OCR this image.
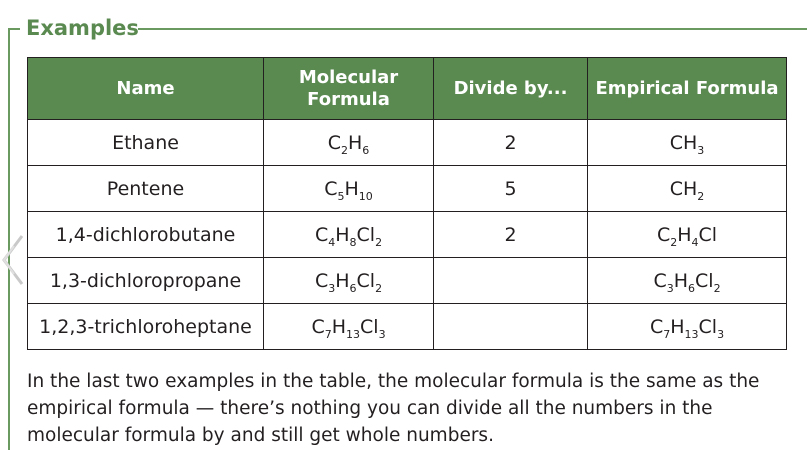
Examples
Name	Molecular Formula	Divide by...	Empirical Formula
Ethane	$C_2H_6$	2	$CH_3$
Pentene	$C_5H_{10}$	5	$CH_2$
1,4-dichlorobutane	$C_4H_8Cl_2$	2	$C_2H_4Cl$
1,3-dichloropropane	$C_3H_6Cl_2$		$C_3H_6Cl_2$
1,2,3-trichloroheptane	$C_7H_{13}Cl_3$		$C_7H_{13}Cl_3$
In the last two examples in the table, the molecular formula is the same as the empirical formula — there’s nothing you can divide all the numbers in the molecular formula by and still get whole numbers.
